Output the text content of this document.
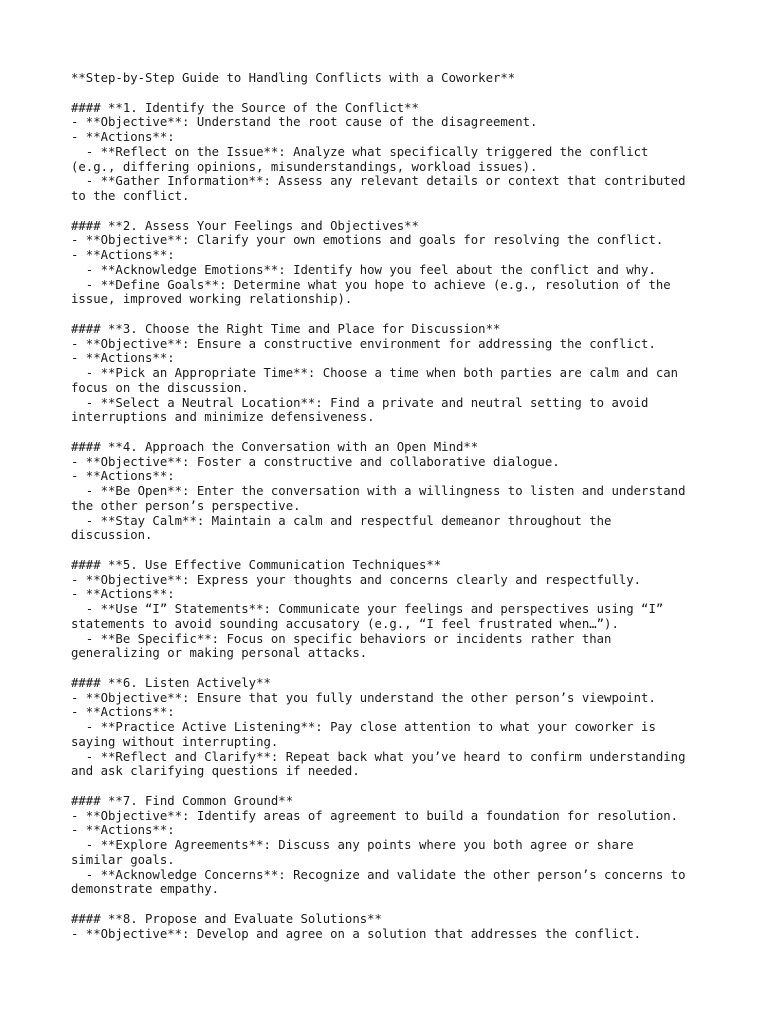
**Step-by-Step Guide to Handling Conflicts with a Coworker**
#### **1. Identify the Source of the Conflict**
- **Objective**: Understand the root cause of the disagreement.
- **Actions**:
- **Reflect on the Issue**: Analyze what specifically triggered the conflict
(e.g., differing opinions, misunderstandings, workload issues).
- **Gather Information**: Assess any relevant details or context that contributed
to the conflict.
#### **2. Assess Your Feelings and Objectives**
- **Objective**: Clarify your own emotions and goals for resolving the conflict.
- **Actions**:
- **Acknowledge Emotions**: Identify how you feel about the conflict and why.
- **Define Goals**: Determine what you hope to achieve (e.g., resolution of the
issue, improved working relationship).
#### **3. Choose the Right Time and Place for Discussion**
- **Objective**: Ensure a constructive environment for addressing the conflict.
- **Actions**:
- **Pick an Appropriate Time**: Choose a time when both parties are calm and can
focus on the discussion.
- **Select a Neutral Location**: Find a private and neutral setting to avoid
interruptions and minimize defensiveness.
#### **4. Approach the Conversation with an Open Mind**
- **Objective**: Foster a constructive and collaborative dialogue.
- **Actions**:
- **Be Open**: Enter the conversation with a willingness to listen and understand
the other person’s perspective.
- **Stay Calm**: Maintain a calm and respectful demeanor throughout the
discussion.
#### **5. Use Effective Communication Techniques**
- **Objective**: Express your thoughts and concerns clearly and respectfully.
- **Actions**:
- **Use “I” Statements**: Communicate your feelings and perspectives using “I”
statements to avoid sounding accusatory (e.g., “I feel frustrated when…”).
- **Be Specific**: Focus on specific behaviors or incidents rather than
generalizing or making personal attacks.
#### **6. Listen Actively**
- **Objective**: Ensure that you fully understand the other person’s viewpoint.
- **Actions**:
- **Practice Active Listening**: Pay close attention to what your coworker is
saying without interrupting.
- **Reflect and Clarify**: Repeat back what you’ve heard to confirm understanding
and ask clarifying questions if needed.
#### **7. Find Common Ground**
- **Objective**: Identify areas of agreement to build a foundation for resolution.
- **Actions**:
- **Explore Agreements**: Discuss any points where you both agree or share
similar goals.
- **Acknowledge Concerns**: Recognize and validate the other person’s concerns to
demonstrate empathy.
#### **8. Propose and Evaluate Solutions**
- **Objective**: Develop and agree on a solution that addresses the conflict.
